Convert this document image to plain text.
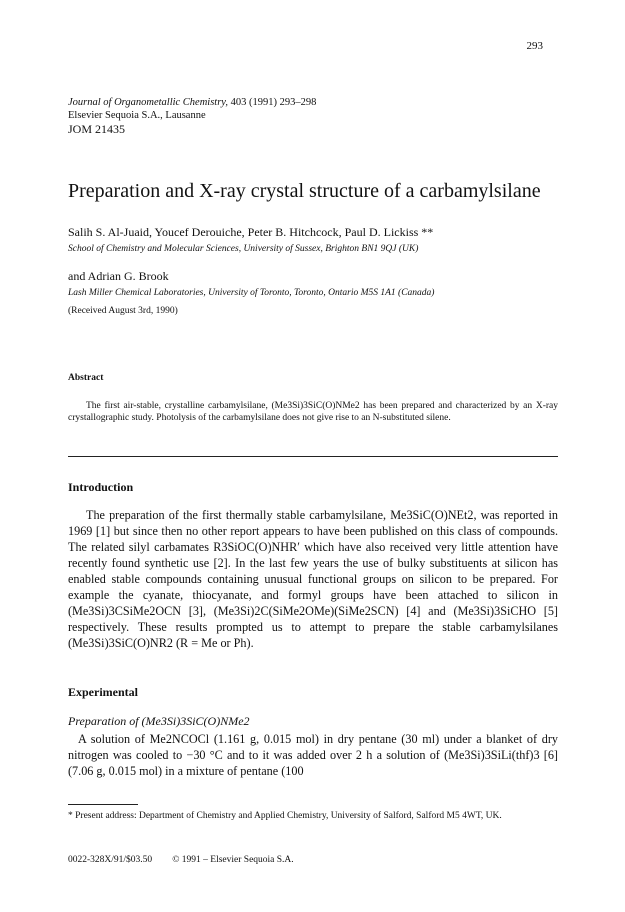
293
Journal of Organometallic Chemistry, 403 (1991) 293–298
Elsevier Sequoia S.A., Lausanne
JOM 21435
Preparation and X-ray crystal structure of a carbamylsilane
Salih S. Al-Juaid, Youcef Derouiche, Peter B. Hitchcock, Paul D. Lickiss **
School of Chemistry and Molecular Sciences, University of Sussex, Brighton BN1 9QJ (UK)
and Adrian G. Brook
Lash Miller Chemical Laboratories, University of Toronto, Toronto, Ontario M5S 1A1 (Canada)
(Received August 3rd, 1990)
Abstract
The first air-stable, crystalline carbamylsilane, (Me3Si)3SiC(O)NMe2 has been prepared and characterized by an X-ray crystallographic study. Photolysis of the carbamylsilane does not give rise to an N-substituted silene.
Introduction
The preparation of the first thermally stable carbamylsilane, Me3SiC(O)NEt2, was reported in 1969 [1] but since then no other report appears to have been published on this class of compounds. The related silyl carbamates R3SiOC(O)NHR′ which have also received very little attention have recently found synthetic use [2]. In the last few years the use of bulky substituents at silicon has enabled stable compounds containing unusual functional groups on silicon to be prepared. For example the cyanate, thiocyanate, and formyl groups have been attached to silicon in (Me3Si)3CSiMe2OCN [3], (Me3Si)2C(SiMe2OMe)(SiMe2SCN) [4] and (Me3Si)3SiCHO [5] respectively. These results prompted us to attempt to prepare the stable carbamylsilanes (Me3Si)3SiC(O)NR2 (R = Me or Ph).
Experimental
Preparation of (Me3Si)3SiC(O)NMe2
A solution of Me2NCOCl (1.161 g, 0.015 mol) in dry pentane (30 ml) under a blanket of dry nitrogen was cooled to −30 °C and to it was added over 2 h a solution of (Me3Si)3SiLi(thf)3 [6] (7.06 g, 0.015 mol) in a mixture of pentane (100
* Present address: Department of Chemistry and Applied Chemistry, University of Salford, Salford M5 4WT, UK.
0022-328X/91/$03.50 © 1991 – Elsevier Sequoia S.A.
